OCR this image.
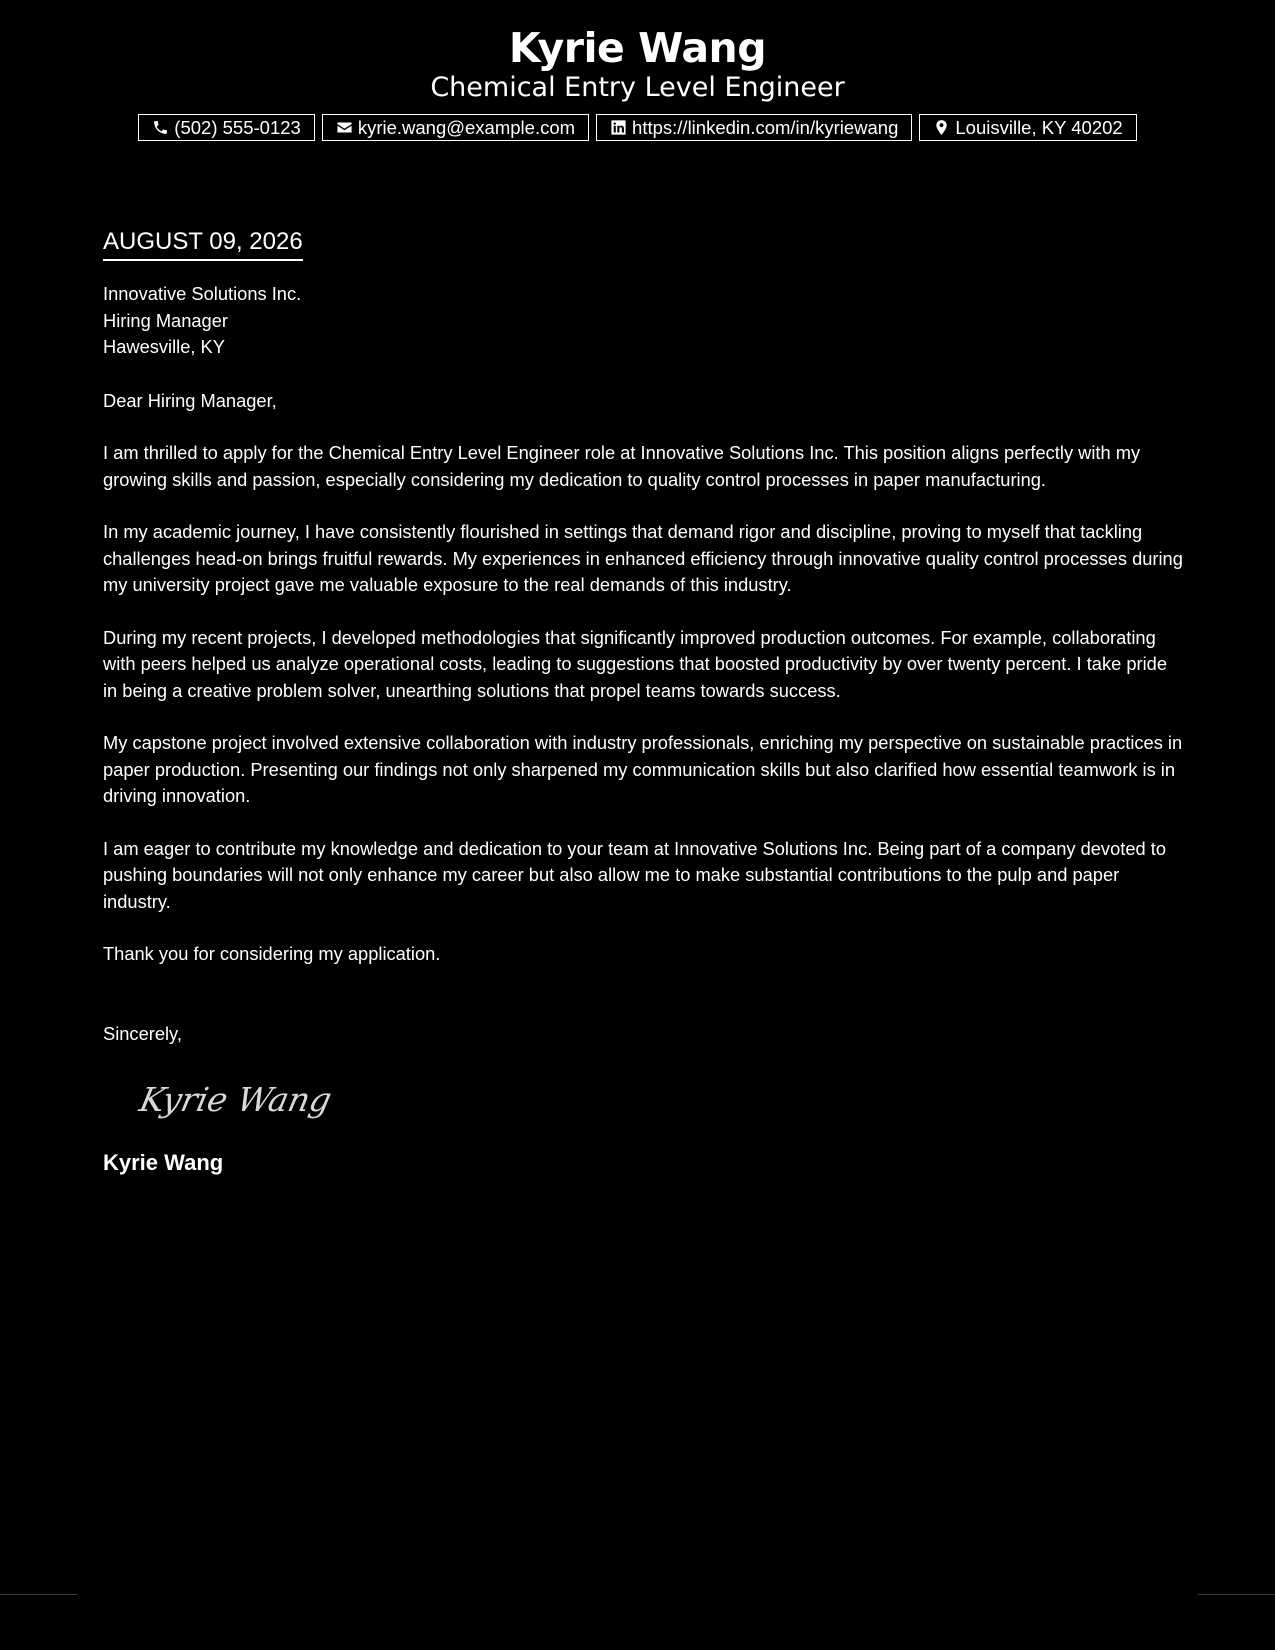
Kyrie Wang
Chemical Entry Level Engineer
(502) 555-0123	kyrie.wang@example.com	https://linkedin.com/in/kyriewang	Louisville, KY 40202
AUGUST 09, 2026
Innovative Solutions Inc.
Hiring Manager
Hawesville, KY
Dear Hiring Manager,
I am thrilled to apply for the Chemical Entry Level Engineer role at Innovative Solutions Inc. This position aligns perfectly with my growing skills and passion, especially considering my dedication to quality control processes in paper manufacturing.
In my academic journey, I have consistently flourished in settings that demand rigor and discipline, proving to myself that tackling challenges head-on brings fruitful rewards. My experiences in enhanced efficiency through innovative quality control processes during my university project gave me valuable exposure to the real demands of this industry.
During my recent projects, I developed methodologies that significantly improved production outcomes. For example, collaborating with peers helped us analyze operational costs, leading to suggestions that boosted productivity by over twenty percent. I take pride in being a creative problem solver, unearthing solutions that propel teams towards success.
My capstone project involved extensive collaboration with industry professionals, enriching my perspective on sustainable practices in paper production. Presenting our findings not only sharpened my communication skills but also clarified how essential teamwork is in driving innovation.
I am eager to contribute my knowledge and dedication to your team at Innovative Solutions Inc. Being part of a company devoted to pushing boundaries will not only enhance my career but also allow me to make substantial contributions to the pulp and paper industry.
Thank you for considering my application.
Sincerely,
Kyrie Wang
Kyrie Wang
